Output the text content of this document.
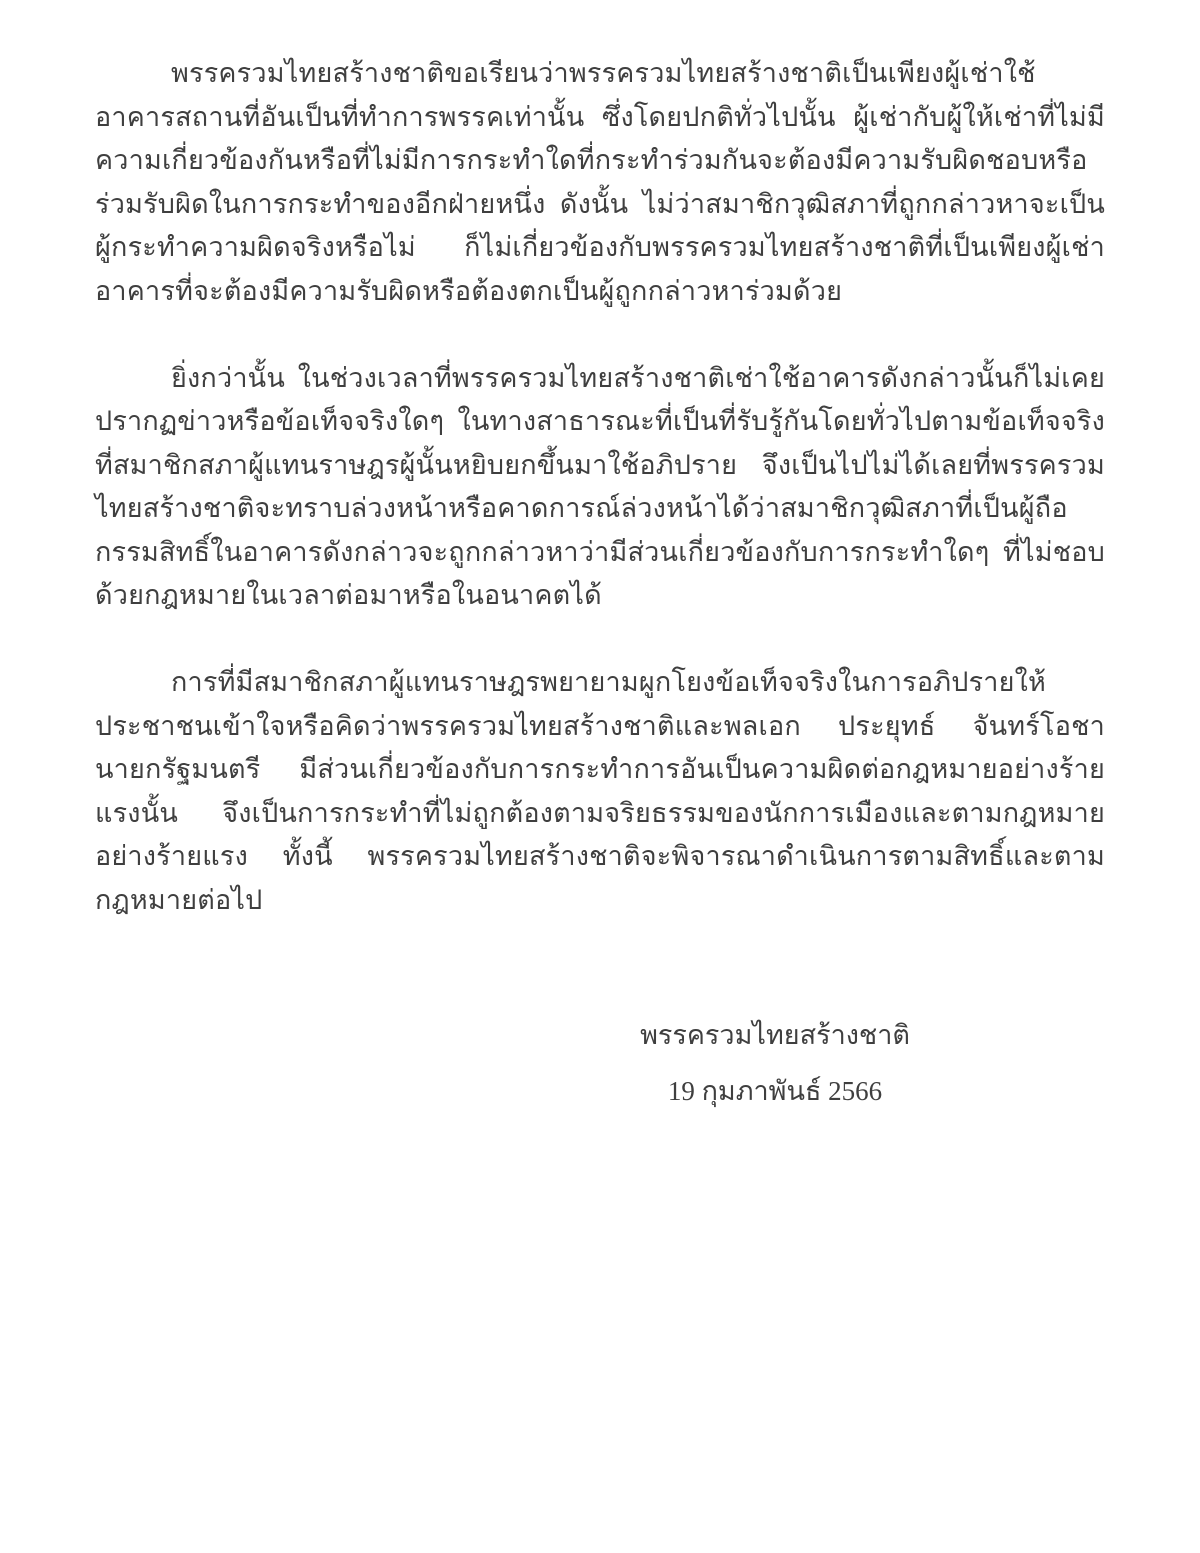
พรรครวมไทยสร้างชาติขอเรียนว่าพรรครวมไทยสร้างชาติเป็นเพียงผู้เช่าใช้อาคารสถานที่อันเป็นที่ทำการพรรคเท่านั้น ซึ่งโดยปกติทั่วไปนั้น ผู้เช่ากับผู้ให้เช่าที่ไม่มีความเกี่ยวข้องกันหรือที่ไม่มีการกระทำใดที่กระทำร่วมกันจะต้องมีความรับผิดชอบหรือร่วมรับผิดในการกระทำของอีกฝ่ายหนึ่ง ดังนั้น ไม่ว่าสมาชิกวุฒิสภาที่ถูกกล่าวหาจะเป็นผู้กระทำความผิดจริงหรือไม่ ก็ไม่เกี่ยวข้องกับพรรครวมไทยสร้างชาติที่เป็นเพียงผู้เช่าอาคารที่จะต้องมีความรับผิดหรือต้องตกเป็นผู้ถูกกล่าวหาร่วมด้วย

ยิ่งกว่านั้น ในช่วงเวลาที่พรรครวมไทยสร้างชาติเช่าใช้อาคารดังกล่าวนั้นก็ไม่เคยปรากฏข่าวหรือข้อเท็จจริงใดๆ ในทางสาธารณะที่เป็นที่รับรู้กันโดยทั่วไปตามข้อเท็จจริงที่สมาชิกสภาผู้แทนราษฎรผู้นั้นหยิบยกขึ้นมาใช้อภิปราย จึงเป็นไปไม่ได้เลยที่พรรครวมไทยสร้างชาติจะทราบล่วงหน้าหรือคาดการณ์ล่วงหน้าได้ว่าสมาชิกวุฒิสภาที่เป็นผู้ถือกรรมสิทธิ์ในอาคารดังกล่าวจะถูกกล่าวหาว่ามีส่วนเกี่ยวข้องกับการกระทำใดๆ ที่ไม่ชอบด้วยกฎหมายในเวลาต่อมาหรือในอนาคตได้

การที่มีสมาชิกสภาผู้แทนราษฎรพยายามผูกโยงข้อเท็จจริงในการอภิปรายให้ประชาชนเข้าใจหรือคิดว่าพรรครวมไทยสร้างชาติและพลเอก ประยุทธ์ จันทร์โอชา นายกรัฐมนตรี มีส่วนเกี่ยวข้องกับการกระทำการอันเป็นความผิดต่อกฎหมายอย่างร้ายแรงนั้น จึงเป็นการกระทำที่ไม่ถูกต้องตามจริยธรรมของนักการเมืองและตามกฎหมายอย่างร้ายแรง ทั้งนี้ พรรครวมไทยสร้างชาติจะพิจารณาดำเนินการตามสิทธิ์และตามกฎหมายต่อไป

พรรครวมไทยสร้างชาติ

19 กุมภาพันธ์ 2566
